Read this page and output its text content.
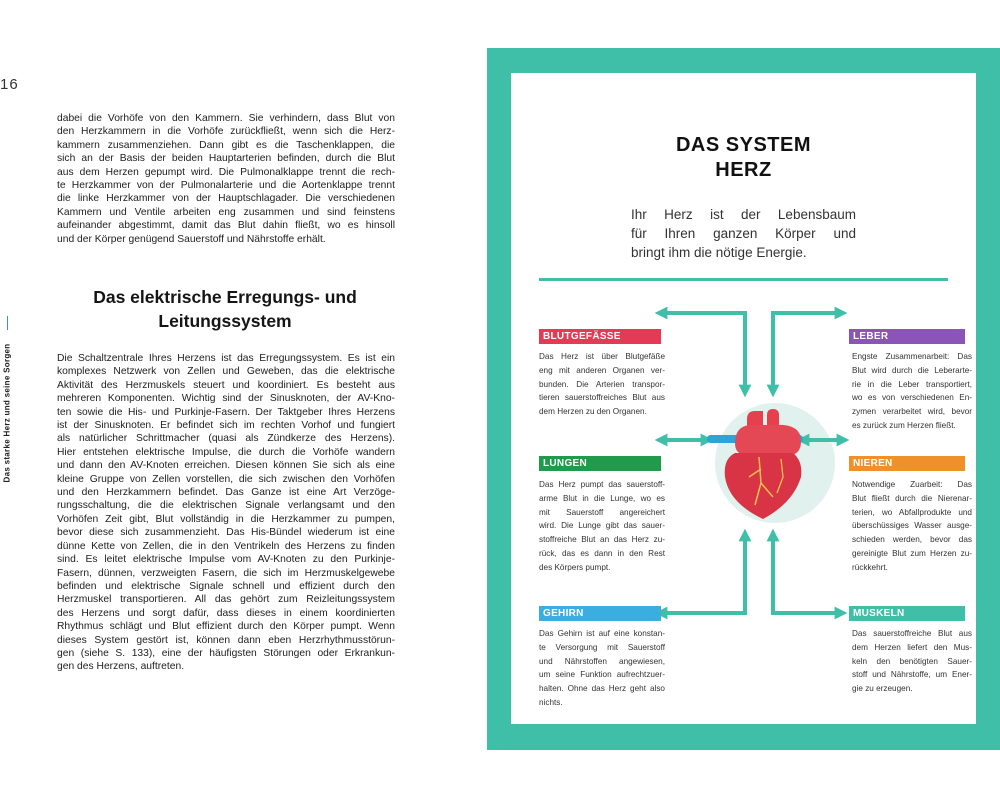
16
Das starke Herz und seine Sorgen
dabei die Vorhöfe von den Kammern. Sie verhindern, dass Blut von
den Herzkammern in die Vorhöfe zurückfließt, wenn sich die Herz-
kammern zusammenziehen. Dann gibt es die Taschenklappen, die
sich an der Basis der beiden Hauptarterien befinden, durch die Blut
aus dem Herzen gepumpt wird. Die Pulmonalklappe trennt die rech-
te Herzkammer von der Pulmonalarterie und die Aortenklappe trennt
die linke Herzkammer von der Hauptschlagader. Die verschiedenen
Kammern und Ventile arbeiten eng zusammen und sind feinstens
aufeinander abgestimmt, damit das Blut dahin fließt, wo es hinsoll
und der Körper genügend Sauerstoff und Nährstoffe erhält.
Das elektrische Erregungs- und
Leitungssystem
Die Schaltzentrale Ihres Herzens ist das Erregungssystem. Es ist ein
komplexes Netzwerk von Zellen und Geweben, das die elektrische
Aktivität des Herzmuskels steuert und koordiniert. Es besteht aus
mehreren Komponenten. Wichtig sind der Sinusknoten, der AV-Kno-
ten sowie die His- und Purkinje-Fasern. Der Taktgeber Ihres Herzens
ist der Sinusknoten. Er befindet sich im rechten Vorhof und fungiert
als natürlicher Schrittmacher (quasi als Zündkerze des Herzens).
Hier entstehen elektrische Impulse, die durch die Vorhöfe wandern
und dann den AV-Knoten erreichen. Diesen können Sie sich als eine
kleine Gruppe von Zellen vorstellen, die sich zwischen den Vorhöfen
und den Herzkammern befindet. Das Ganze ist eine Art Verzöge-
rungsschaltung, die die elektrischen Signale verlangsamt und den
Vorhöfen Zeit gibt, Blut vollständig in die Herzkammer zu pumpen,
bevor diese sich zusammenzieht. Das His-Bündel wiederum ist eine
dünne Kette von Zellen, die in den Ventrikeln des Herzens zu finden
sind. Es leitet elektrische Impulse vom AV-Knoten zu den Purkinje-
Fasern, dünnen, verzweigten Fasern, die sich im Herzmuskelgewebe
befinden und elektrische Signale schnell und effizient durch den
Herzmuskel transportieren. All das gehört zum Reizleitungssystem
des Herzens und sorgt dafür, dass dieses in einem koordinierten
Rhythmus schlägt und Blut effizient durch den Körper pumpt. Wenn
dieses System gestört ist, können dann eben Herzrhythmusstörun-
gen (siehe S. 133), eine der häufigsten Störungen oder Erkrankun-
gen des Herzens, auftreten.
DAS SYSTEM
HERZ
Ihr Herz ist der Lebensbaum
für Ihren ganzen Körper und
bringt ihm die nötige Energie.
BLUTGEFÄSSE
Das Herz ist über Blutgefäße
eng mit anderen Organen ver-
bunden. Die Arterien transpor-
tieren sauerstoffreiches Blut aus
dem Herzen zu den Organen.
LEBER
Engste Zusammenarbeit: Das
Blut wird durch die Leberarte-
rie in die Leber transportiert,
wo es von verschiedenen En-
zymen verarbeitet wird, bevor
es zurück zum Herzen fließt.
LUNGEN
Das Herz pumpt das sauerstoff-
arme Blut in die Lunge, wo es
mit Sauerstoff angereichert
wird. Die Lunge gibt das sauer-
stoffreiche Blut an das Herz zu-
rück, das es dann in den Rest
des Körpers pumpt.
NIEREN
Notwendige Zuarbeit: Das
Blut fließt durch die Nierenar-
terien, wo Abfallprodukte und
überschüssiges Wasser ausge-
schieden werden, bevor das
gereinigte Blut zum Herzen zu-
rückkehrt.
GEHIRN
Das Gehirn ist auf eine konstan-
te Versorgung mit Sauerstoff
und Nährstoffen angewiesen,
um seine Funktion aufrechtzuer-
halten. Ohne das Herz geht also
nichts.
MUSKELN
Das sauerstoffreiche Blut aus
dem Herzen liefert den Mus-
keln den benötigten Sauer-
stoff und Nährstoffe, um Ener-
gie zu erzeugen.
